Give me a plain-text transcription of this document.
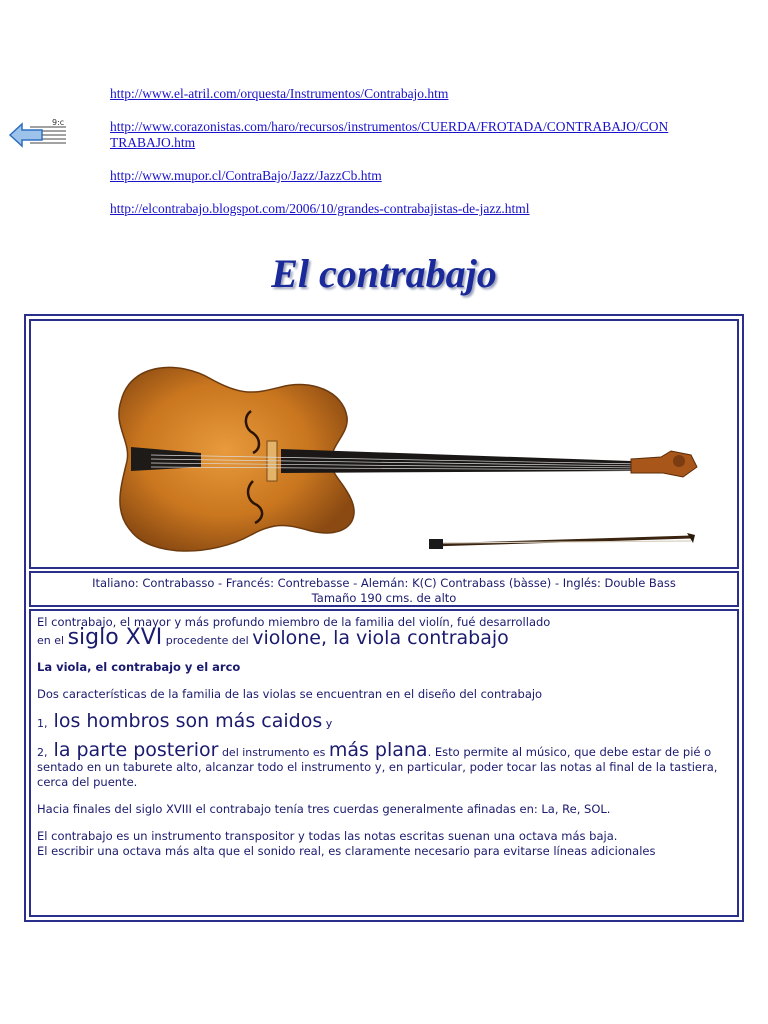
9:c
http://www.el-atril.com/orquesta/Instrumentos/Contrabajo.htm
http://www.corazonistas.com/haro/recursos/instrumentos/CUERDA/FROTADA/CONTRABAJO/CONTRABAJO.htm
http://www.mupor.cl/ContraBajo/Jazz/JazzCb.htm
http://elcontrabajo.blogspot.com/2006/10/grandes-contrabajistas-de-jazz.html
El contrabajo
Italiano: Contrabasso - Francés: Contrebasse - Alemán: K(C) Contrabass (bàsse) - Inglés: Double Bass
Tamaño 190 cms. de alto

El contrabajo, el mayor y más profundo miembro de la familia del violín, fué desarrollado

en el siglo XVI procedente del violone, la viola contrabajo

La viola, el contrabajo y el arco

Dos características de la familia de las violas se encuentran en el diseño del contrabajo

1, los hombros son más caidos y

2, la parte posterior del instrumento es más plana. Esto permite al músico, que debe estar de pié o sentado en un taburete alto, alcanzar todo el instrumento y, en particular, poder tocar las notas al final de la tastiera, cerca del puente.

Hacia finales del siglo XVIII el contrabajo tenía tres cuerdas generalmente afinadas en: La, Re, SOL.

El contrabajo es un instrumento transpositor y todas las notas escritas suenan una octava más baja.

El escribir una octava más alta que el sonido real, es claramente necesario para evitarse líneas adicionales
